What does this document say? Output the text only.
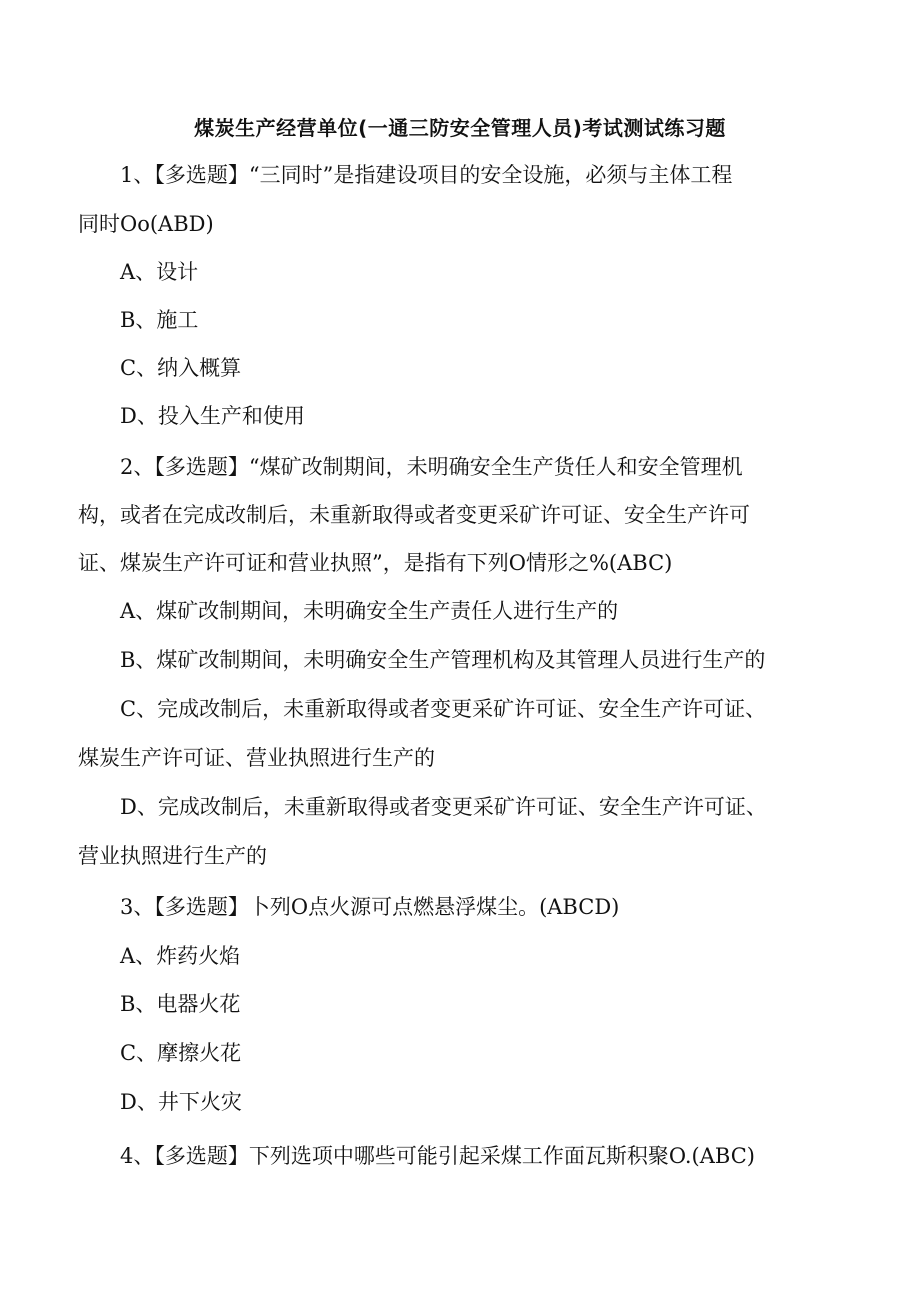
煤炭生产经营单位(一通三防安全管理人员)考试测试练习题

1、【多选题】“三同时”是指建设项目的安全设施，必须与主体工程

同时Oo(ABD)

A、设计

B、施工

C、纳入概算

D、投入生产和使用

2、【多选题】“煤矿改制期间，未明确安全生产货任人和安全管理机

构，或者在完成改制后，未重新取得或者变更采矿许可证、安全生产许可

证、煤炭生产许可证和营业执照”，是指有下列O情形之%(ABC)

A、煤矿改制期间，未明确安全生产责任人进行生产的

B、煤矿改制期间，未明确安全生产管理机构及其管理人员进行生产的

C、完成改制后，未重新取得或者变更采矿许可证、安全生产许可证、

煤炭生产许可证、营业执照进行生产的

D、完成改制后，未重新取得或者变更采矿许可证、安全生产许可证、

营业执照进行生产的

3、【多选题】卜列O点火源可点燃悬浮煤尘。(ABCD)

A、炸药火焰

B、电器火花

C、摩擦火花

D、井下火灾

4、【多选题】下列选项中哪些可能引起采煤工作面瓦斯积聚O.(ABC)
